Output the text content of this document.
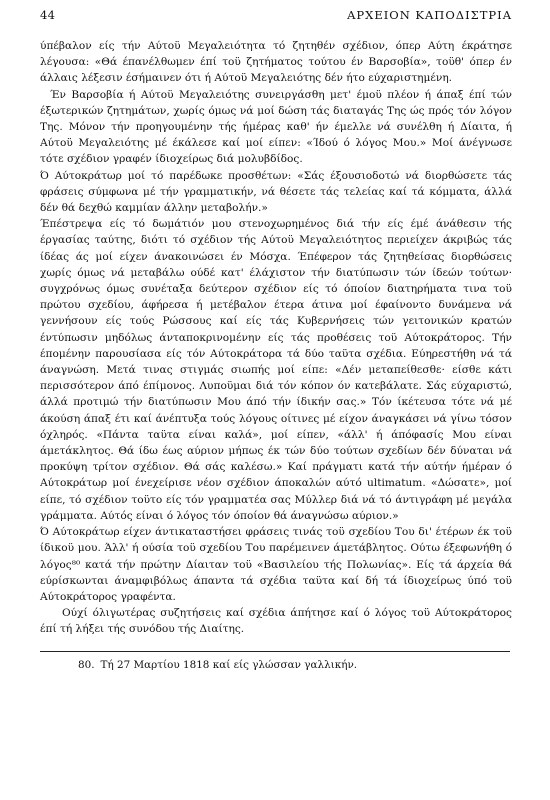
44	ΑΡΧΕΙΟΝ ΚΑΠΟΔΙΣΤΡΙΑ

ύπέβαλον είς τήν Αύτοϋ Μεγαλειότητα τό ζητηθέν σχέδιον, όπερ Αύτη έκράτησε λέγουσα: «Θά έπανέλθωμεν έπί τοϋ ζητήματος τούτου έν Βαρσοβία», τοϋθ' όπερ έν άλλαις λέξεσιν έσήμαινεν ότι ή Αύτοϋ Μεγαλειότης δέν ήτο εύχαριστημένη.

Έν Βαρσοβία ή Αύτοϋ Μεγαλειότης συνειργάσθη μετ' έμοϋ πλέον ή άπαξ έπί τών έξωτερικών ζητημάτων, χωρίς όμως νά μοί δώση τάς διαταγάς Της ώς πρός τόν λόγον Της. Μόνον τήν προηγουμένην τής ήμέρας καθ' ήν έμελλε νά συνέλθη ή Δίαιτα, ή Αύτοϋ Μεγαλειότης μέ έκάλεσε καί μοί είπεν: «Ίδού ό λόγος Μου.» Μοί άνέγνωσε τότε σχέδιον γραφέν ίδιοχείρως διά μολυβδίδος.

Ό Αύτοκράτωρ μοί τό παρέδωκε προσθέτων: «Σάς έξουσιοδοτώ νά διορθώσετε τάς φράσεις σύμφωνα μέ τήν γραμματικήν, νά θέσετε τάς τελείας καί τά κόμματα, άλλά δέν θά δεχθώ καμμίαν άλλην μεταβολήν.»

Έπέστρεψα είς τό δωμάτιόν μου στενοχωρημένος διά τήν είς έμέ άνάθεσιν τής έργασίας ταύτης, διότι τό σχέδιον τής Αύτοϋ Μεγαλειότητος περιείχεν άκριβώς τάς ίδέας άς μοί είχεν άνακοινώσει έν Μόσχα. Έπέφερον τάς ζητηθείσας διορθώσεις χωρίς όμως νά μεταβάλω ούδέ κατ' έλάχιστον τήν διατύπωσιν τών ίδεών τούτων· συγχρόνως όμως συνέταξα δεύτερον σχέδιον είς τό όποίον διατηρήματα τινα τοϋ πρώτου σχεδίου, άφήρεσα ή μετέβαλον έτερα άτινα μοί έφαίνοντο δυνάμενα νά γεννήσουν είς τούς Ρώσσους καί είς τάς Κυβερνήσεις τών γειτονικών κρατών έντύπωσιν μηδόλως άνταποκρινομένην είς τάς προθέσεις τοϋ Αύτοκράτορος. Τήν έπομένην παρουσίασα είς τόν Αύτοκράτορα τά δύο ταϋτα σχέδια. Εύηρεστήθη νά τά άναγνώση. Μετά τινας στιγμάς σιωπής μοί είπε: «Δέν μεταπείθεσθε· είσθε κάτι περισσότερον άπό έπίμονος. Λυποϋμαι διά τόν κόπον όν κατεβάλατε. Σάς εύχαριστώ, άλλά προτιμώ τήν διατύπωσιν Μου άπό τήν ίδικήν σας.» Τόν ίκέτευσα τότε νά μέ άκούση άπαξ έτι καί άνέπτυξα τούς λόγους οίτινες μέ είχον άναγκάσει νά γίνω τόσον όχληρός. «Πάντα ταϋτα είναι καλά», μοί είπεν, «άλλ' ή άπόφασίς Μου είναι άμετάκλητος. Θά ίδω έως αύριον μήπως έκ τών δύο τούτων σχεδίων δέν δύναται νά προκύψη τρίτον σχέδιον. Θά σάς καλέσω.» Καί πράγματι κατά τήν αύτήν ήμέραν ό Αύτοκράτωρ μοί ένεχείρισε νέον σχέδιον άποκαλών αύτό ultimatum. «Δώσατε», μοί είπε, τό σχέδιον τοϋτο είς τόν γραμματέα σας Μύλλερ διά νά τό άντιγράφη μέ μεγάλα γράμματα. Αύτός είναι ό λόγος τόν όποίον θά άναγνώσω αύριον.»

Ό Αύτοκράτωρ είχεν άντικαταστήσει φράσεις τινάς τοϋ σχεδίου Του δι' έτέρων έκ τοϋ ίδικοϋ μου. Άλλ' ή ούσία τοϋ σχεδίου Του παρέμεινεν άμετάβλητος. Ούτω έξεφωνήθη ό λόγος⁸⁰ κατά τήν πρώτην Δίαιταν τοϋ «Βασιλείου τής Πολωνίας». Είς τά άρχεία θά εύρίσκωνται άναμφιβόλως άπαντα τά σχέδια ταϋτα καί δή τά ίδιοχείρως ύπό τοϋ Αύτοκράτορος γραφέντα.

Ούχί όλιγωτέρας συζητήσεις καί σχέδια άπήτησε καί ό λόγος τοϋ Αύτοκράτορος έπί τή λήξει τής συνόδου τής Διαίτης.

80. Τή 27 Μαρτίου 1818 καί είς γλώσσαν γαλλικήν.
